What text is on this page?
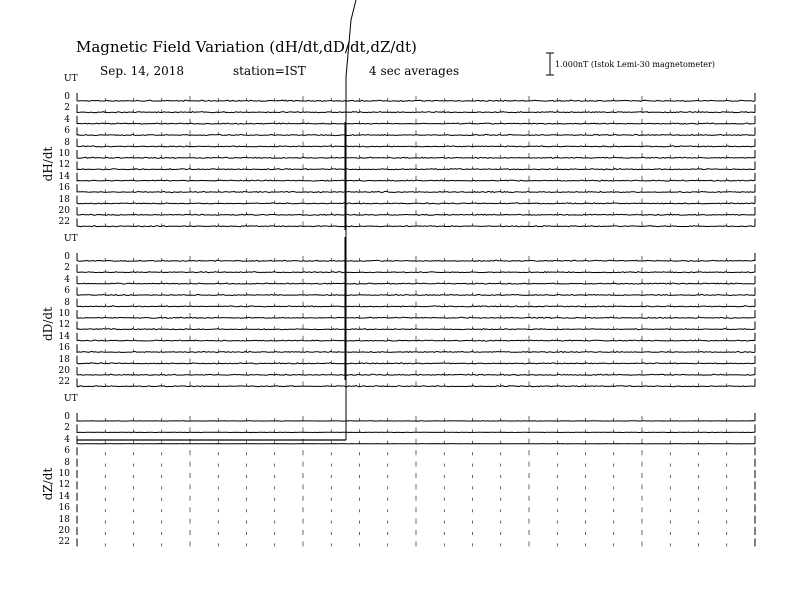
Magnetic Field Variation (dH/dt,dD/dt,dZ/dt)
Sep. 14, 2018	station=IST	4 sec averages	1.000nT (Istok Lemi-30 magnetometer)
UT
dH/dt
0
2
4
6
8
10
12
14
16
18
20
22
UT
dD/dt
0
2
4
6
8
10
12
14
16
18
20
22
UT
dZ/dt
0
2
4
6
8
10
12
14
16
18
20
22
